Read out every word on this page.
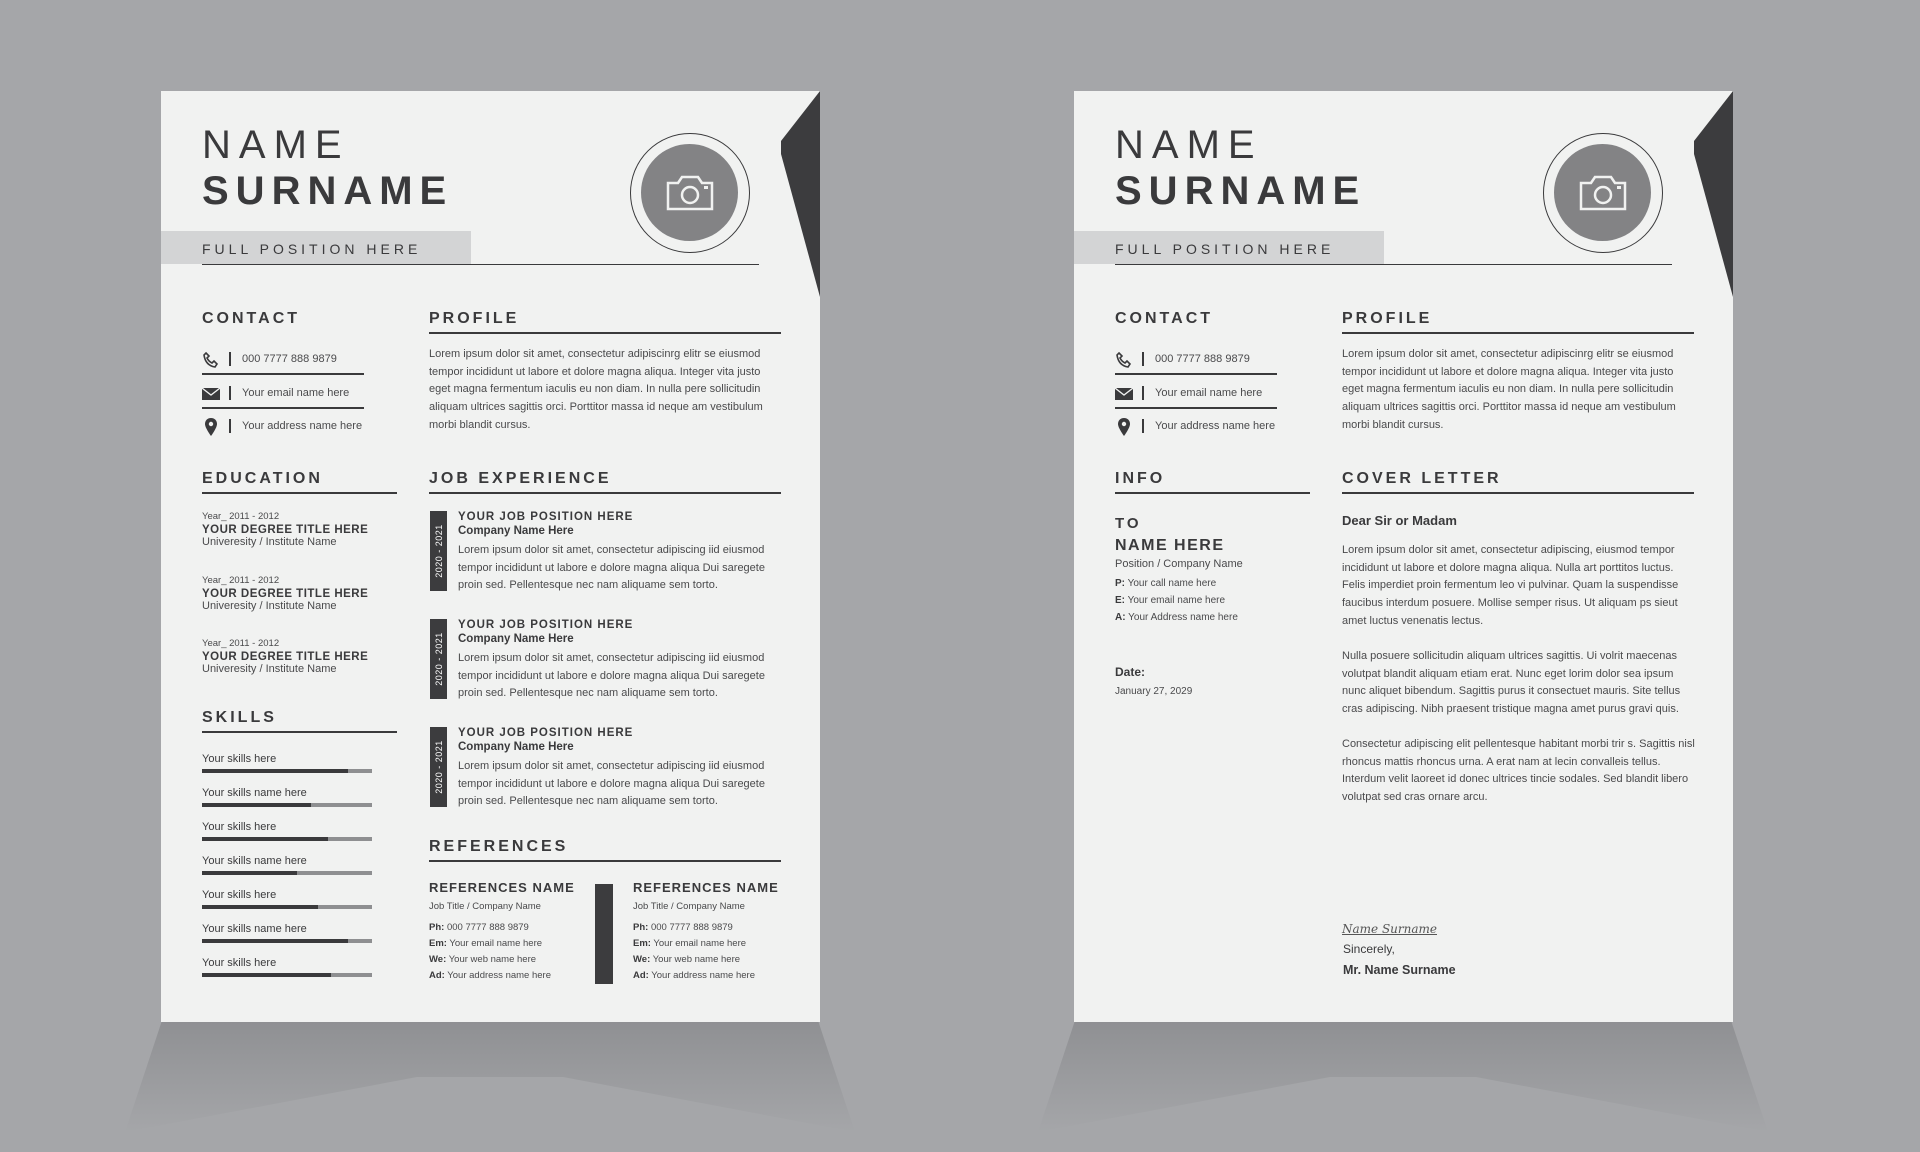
NAME
SURNAME
FULL POSITION HERE
CONTACT
000 7777 888 9879
Your email name here
Your address name here
PROFILE
Lorem ipsum dolor sit amet, consectetur adipiscinrg elitr se eiusmod tempor incididunt ut labore et dolore magna aliqua. Integer vita justo eget magna fermentum iaculis eu non diam. In nulla pere sollicitudin aliquam ultrices sagittis orci. Porttitor massa id neque am vestibulum morbi blandit cursus.
EDUCATION
Year_ 2011 - 2012
YOUR DEGREE TITLE HERE
Univeresity / Institute Name
Year_ 2011 - 2012
YOUR DEGREE TITLE HERE
Univeresity / Institute Name
Year_ 2011 - 2012
YOUR DEGREE TITLE HERE
Univeresity / Institute Name
SKILLS
Your skills here
Your skills name here
Your skills here
Your skills name here
Your skills here
Your skills name here
Your skills here
JOB EXPERIENCE
2020 - 2021
YOUR JOB POSITION HERE
Company Name Here
Lorem ipsum dolor sit amet, consectetur adipiscing iid eiusmod tempor incididunt ut labore e dolore magna aliqua Dui saregete proin sed. Pellentesque nec nam aliquame sem torto.
2020 - 2021
YOUR JOB POSITION HERE
Company Name Here
Lorem ipsum dolor sit amet, consectetur adipiscing iid eiusmod tempor incididunt ut labore e dolore magna aliqua Dui saregete proin sed. Pellentesque nec nam aliquame sem torto.
2020 - 2021
YOUR JOB POSITION HERE
Company Name Here
Lorem ipsum dolor sit amet, consectetur adipiscing iid eiusmod tempor incididunt ut labore e dolore magna aliqua Dui saregete proin sed. Pellentesque nec nam aliquame sem torto.
REFERENCES
REFERENCES NAME
Job Title / Company Name
Ph: 000 7777 888 9879
Em: Your email name here
We: Your web name here
Ad: Your address name here
REFERENCES NAME
Job Title / Company Name
Ph: 000 7777 888 9879
Em: Your email name here
We: Your web name here
Ad: Your address name here
NAME
SURNAME
FULL POSITION HERE
CONTACT
000 7777 888 9879
Your email name here
Your address name here
PROFILE
Lorem ipsum dolor sit amet, consectetur adipiscinrg elitr se eiusmod tempor incididunt ut labore et dolore magna aliqua. Integer vita justo eget magna fermentum iaculis eu non diam. In nulla pere sollicitudin aliquam ultrices sagittis orci. Porttitor massa id neque am vestibulum morbi blandit cursus.
INFO
TO
NAME HERE
Position / Company Name
P: Your call name here
E: Your email name here
A: Your Address name here
Date:
January 27, 2029
COVER LETTER
Dear Sir or Madam
Lorem ipsum dolor sit amet, consectetur adipiscing, eiusmod tempor incididunt ut labore et dolore magna aliqua. Nulla art porttitos luctus. Felis imperdiet proin fermentum leo vi pulvinar. Quam la suspendisse faucibus interdum posuere. Mollise semper risus. Ut aliquam ps sieut amet luctus venenatis lectus.
Nulla posuere sollicitudin aliquam ultrices sagittis. Ui volrit maecenas volutpat blandit aliquam etiam erat. Nunc eget lorim dolor sea ipsum nunc aliquet bibendum. Sagittis purus it consectuet mauris. Site tellus cras adipiscing. Nibh praesent tristique magna amet purus gravi quis.
Consectetur adipiscing elit pellentesque habitant morbi trir s. Sagittis nisl rhoncus mattis rhoncus urna. A erat nam at lecin convalleis tellus. Interdum velit laoreet id donec ultrices tincie sodales. Sed blandit libero volutpat sed cras ornare arcu.
Name Surname
Sincerely,
Mr. Name Surname
